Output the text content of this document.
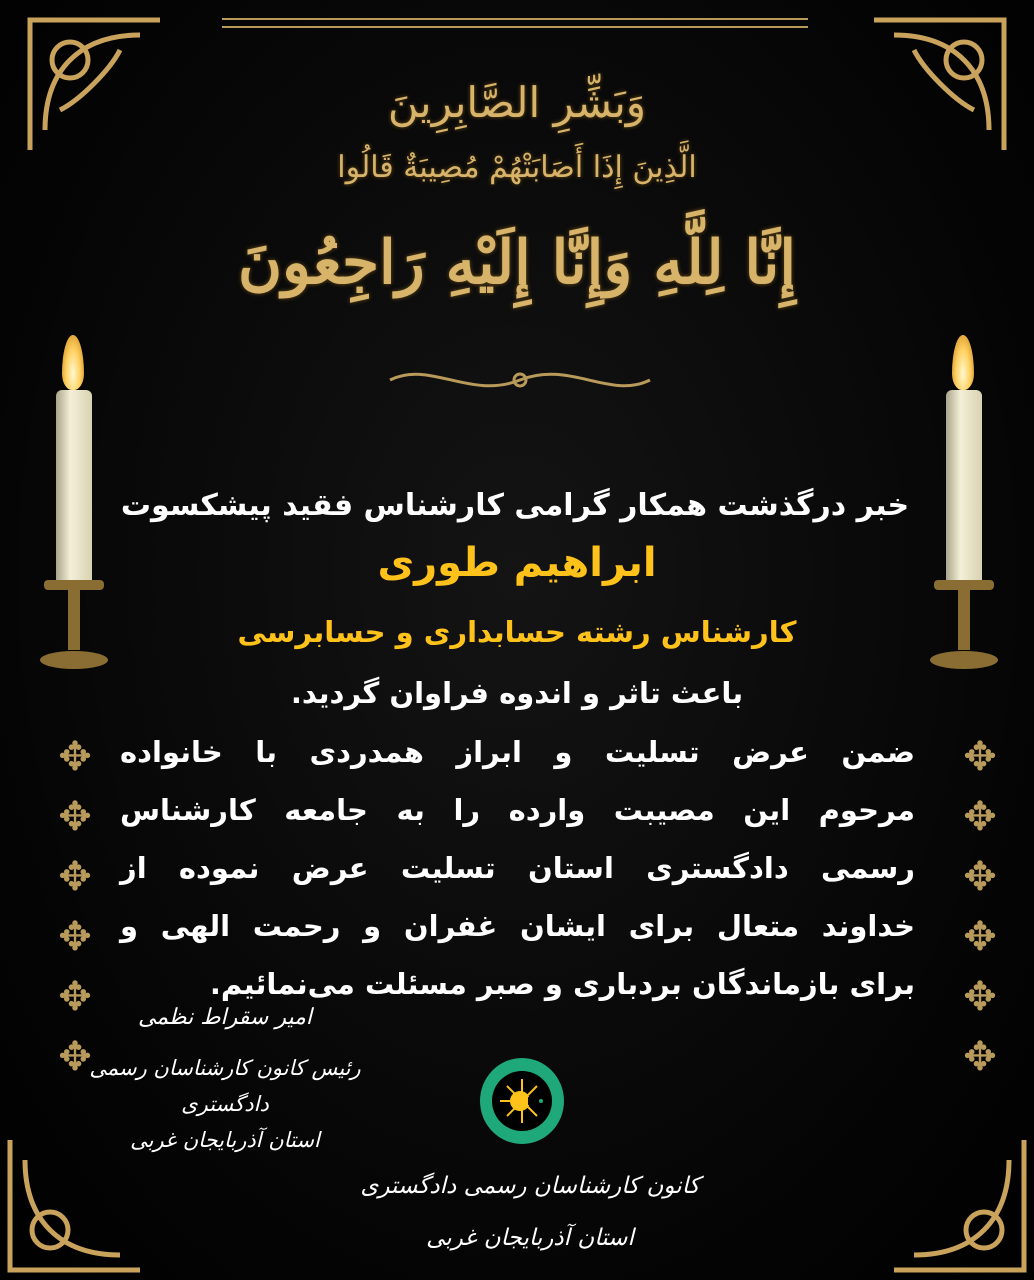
وَبَشِّرِ الصَّابِرِينَ
الَّذِينَ إِذَا أَصَابَتْهُمْ مُصِيبَةٌ قَالُوا
إِنَّا لِلَّهِ وَإِنَّا إِلَيْهِ رَاجِعُونَ
✥
✥
✥
✥
✥
✥
✥
✥
✥
✥
✥
✥
خبر درگذشت همکار گرامی کارشناس فقید پیشکسوت
ابراهیم طوری
کارشناس رشته حسابداری و حسابرسی
باعث تاثر و اندوه فراوان گردید.
ضمن عرض تسلیت و ابراز همدردی با خانواده
مرحوم این مصیبت وارده را به جامعه کارشناس
رسمی دادگستری استان تسلیت عرض نموده از
خداوند متعال برای ایشان غفران و رحمت الهی و
برای بازماندگان بردباری و صبر مسئلت می‌نمائیم.
امیر سقراط نظمی
رئیس کانون کارشناسان رسمی دادگستری
استان آذربایجان غربی
کانون کارشناسان رسمی دادگستری
استان آذربایجان غربی
